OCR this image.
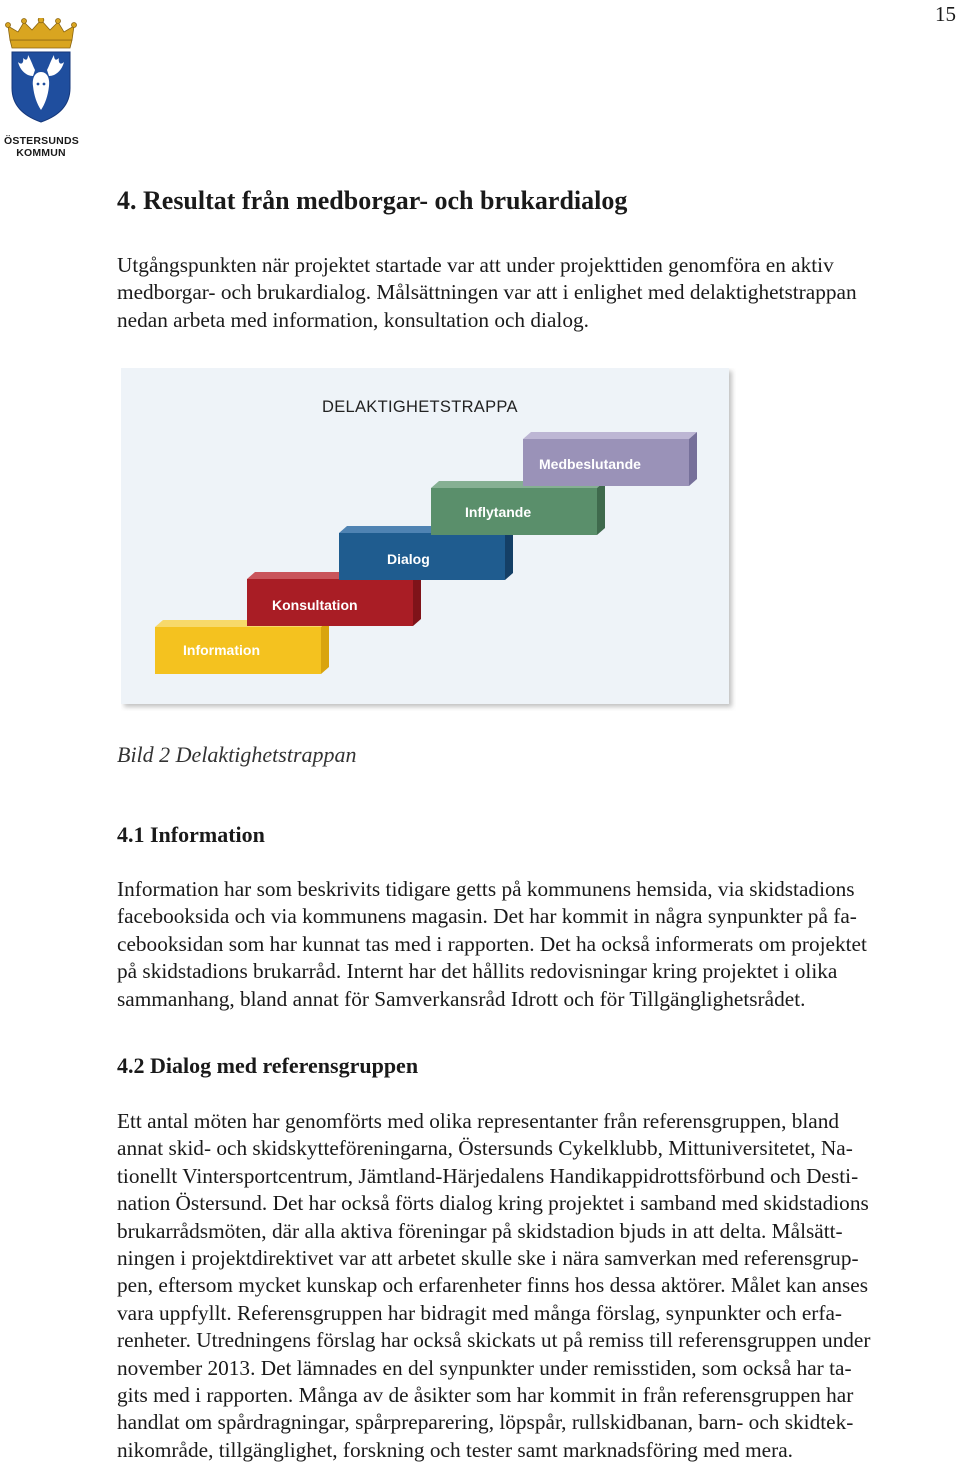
15
ÖSTERSUNDS
KOMMUN
4. Resultat från medborgar- och brukardialog
Utgångspunkten när projektet startade var att under projekttiden genomföra en aktiv
medborgar- och brukardialog. Målsättningen var att i enlighet med delaktighetstrappan
nedan arbeta med information, konsultation och dialog.
DELAKTIGHETSTRAPPA
Information
Konsultation
Dialog
Inflytande
Medbeslutande

Bild 2 Delaktighetstrappan

4.1 Information
Information har som beskrivits tidigare getts på kommunens hemsida, via skidstadions
facebooksida och via kommunens magasin. Det har kommit in några synpunkter på fa-
cebooksidan som har kunnat tas med i rapporten. Det ha också informerats om projektet
på skidstadions brukarråd. Internt har det hållits redovisningar kring projektet i olika
sammanhang, bland annat för Samverkansråd Idrott och för Tillgänglighetsrådet.
4.2 Dialog med referensgruppen
Ett antal möten har genomförts med olika representanter från referensgruppen, bland
annat skid- och skidskytteföreningarna, Östersunds Cykelklubb, Mittuniversitetet, Na-
tionellt Vintersportcentrum, Jämtland-Härjedalens Handikappidrottsförbund och Desti-
nation Östersund. Det har också förts dialog kring projektet i samband med skidstadions
brukarrådsmöten, där alla aktiva föreningar på skidstadion bjuds in att delta. Målsätt-
ningen i projektdirektivet var att arbetet skulle ske i nära samverkan med referensgrup-
pen, eftersom mycket kunskap och erfarenheter finns hos dessa aktörer. Målet kan anses
vara uppfyllt. Referensgruppen har bidragit med många förslag, synpunkter och erfa-
renheter. Utredningens förslag har också skickats ut på remiss till referensgruppen under
november 2013. Det lämnades en del synpunkter under remisstiden, som också har ta-
gits med i rapporten. Många av de åsikter som har kommit in från referensgruppen har
handlat om spårdragningar, spårpreparering, löpspår, rullskidbanan, barn- och skidtek-
nikområde, tillgänglighet, forskning och tester samt marknadsföring med mera.
